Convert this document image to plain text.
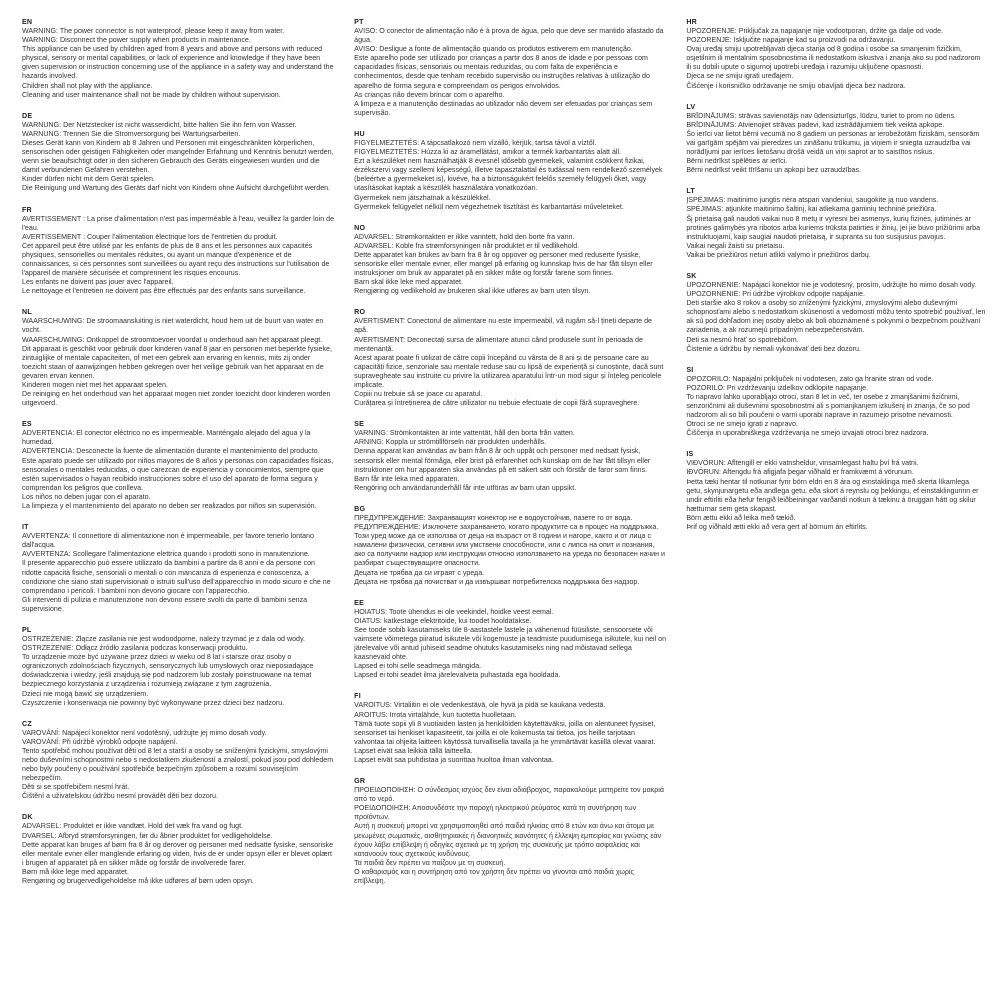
EN
WARNING: The power connector is not waterproof, please keep it away from water.
WARNING: Disconnect the power supply when products in maintenance.
This appliance can be used by children aged from 8 years and above and persons with reduced physical, sensory or mental capabilities, or lack of experience and knowledge if they have been given supervision or instruction concerning use of the appliance in a safety way and understand the hazards involved.
Children shall not play with the appliance.
Cleaning and user maintenance shall not be made by children without supervision.
DE
WARNUNG: Der Netzstecker ist nicht wasserdicht, bitte halten Sie ihn fern von Wasser.
WARNUNG: Trennen Sie die Stromversorgung bei Wartungsarbeiten.
Dieses Gerät kann von Kindern ab 8 Jahren und Personen mit eingeschränkten körperlichen, sensorischen oder geistigen Fähigkeiten oder mangelnder Erfahrung und Kenntnis benutzt werden, wenn sie beaufsichtigt oder in den sicheren Gebrauch des Geräts eingewiesen wurden und die damit verbundenen Gefahren verstehen.
Kinder dürfen nicht mit dem Gerät spielen.
Die Reinigung und Wartung des Geräts darf nicht von Kindern ohne Aufsicht durchgeführt werden.
FR
AVERTISSEMENT : La prise d'alimentation n'est pas imperméable à l'eau, veuillez la garder loin de l'eau.
AVERTISSEMENT : Couper l'alimentation électrique lors de l'entretien du produit.
Cet appareil peut être utilisé par les enfants de plus de 8 ans et les personnes aux capacités physiques, sensorielles ou mentales réduites, ou ayant un manque d'expérience et de connaissances, si ces personnes sont surveillées ou ayant reçu des instructions sur l'utilisation de l'appareil de manière sécurisée et comprennent les risques encourus.
Les enfants ne doivent pas jouer avec l'appareil.
Le nettoyage et l'entretien ne doivent pas être effectués par des enfants sans surveillance.
NL
WAARSCHUWING: De stroomaansluiting is niet waterdicht, houd hem uit de buurt van water en vocht.
WAARSCHUWING: Ontkoppel de stroomtoevoer voordat u onderhoud aan het apparaat pleegt.
Dit apparaat is geschikt voor gebruik door kinderen vanaf 8 jaar en personen met beperkte fysieke, zintuiglijke of mentale capaciteiten, of met een gebrek aan ervaring en kennis, mits zij onder toezicht staan of aanwijzingen hebben gekregen over het veilige gebruik van het apparaat en de gevaren ervan kennen.
Kinderen mogen niet met het apparaat spelen.
De reiniging en het onderhoud van het apparaat mogen niet zonder toezicht door kinderen worden uitgevoerd.
ES
ADVERTENCIA: El conector eléctrico no es impermeable. Manténgalo alejado del agua y la humedad.
ADVERTENCIA: Desconecte la fuente de alimentación durante el mantenimiento del producto.
Este aparato puede ser utilizado por niños mayores de 8 años y personas con capacidades físicas, sensoriales o mentales reducidas, o que carezcan de experiencia y conocimientos, siempre que estén supervisados o hayan recibido instrucciones sobre el uso del aparato de forma segura y comprendan los peligros que conlleva.
Los niños no deben jugar con el aparato.
La limpieza y el mantenimiento del aparato no deben ser realizados por niños sin supervisión.
IT
AVVERTENZA: Il connettore di alimentazione non è impermeabile, per favore tenerlo lontano dall'acqua.
AVVERTENZA: Scollegare l'alimentazione elettrica quando i prodotti sono in manutenzione.
Il presente apparecchio può essere utilizzato da bambini a partire da 8 anni e da persone con ridotte capacità fisiche, sensoriali o mentali o con mancanza di esperienza e conoscenza, a condizione che siano stati supervisionati o istruiti sull'uso dell'apparecchio in modo sicuro e che ne comprendano i pericoli. I bambini non devono giocare con l'apparecchio.
Gli interventi di pulizia e manutenzione non devono essere svolti da parte di bambini senza supervisione.
PL
OSTRZEŻENIE: Złącze zasilania nie jest wodoodporne, należy trzymać je z dala od wody.
OSTRZEŻENIE: Odłącz źródło zasilania podczas konserwacji produktu.
To urządzenie może być używane przez dzieci w wieku od 8 lat i starsze oraz osoby o ograniczonych zdolnościach fizycznych, sensorycznych lub umysłowych oraz nieposiadające doświadczenia i wiedzy, jeśli znajdują się pod nadzorem lub zostały poinstruowane na temat bezpiecznego korzystania z urządzenia i rozumieją związane z tym zagrożenia.
Dzieci nie mogą bawić się urządzeniem.
Czyszczenie i konserwacja nie powinny być wykonywane przez dzieci bez nadzoru.
CZ
VAROVÁNÍ: Napájecí konektor není vodotěsný, udržujte jej mimo dosah vody.
VAROVÁNÍ: Při údržbě výrobků odpojte napájení.
Tento spotřebič mohou používat děti od 8 let a starší a osoby se sníženými fyzickými, smyslovými nebo duševními schopnostmi nebo s nedostatkem zkušeností a znalostí, pokud jsou pod dohledem nebo byly poučeny o používání spotřebiče bezpečným způsobem a rozumí souvisejícím nebezpečím.
Děti si se spotřebičem nesmí hrát.
Čištění a uživatelskou údržbu nesmí provádět děti bez dozoru.
DK
ADVARSEL: Produktet er ikke vandtæt. Hold det væk fra vand og fugt.
DVARSEL: Afbryd strømforsyningen, før du åbner produktet for vedligeholdelse.
Dette apparat kan bruges af børn fra 8 år og derover og personer med nedsatte fysiske, sensoriske eller mentale evner eller manglende erfaring og viden, hvis de er under opsyn eller er blevet oplært i brugen af apparatet på en sikker måde og forstår de involverede farer.
Børn må ikke lege med apparatet.
Rengøring og brugervedligeholdelse må ikke udføres af børn uden opsyn.
PT
AVISO: O conector de alimentação não é à prova de água, pelo que deve ser mantido afastado da água.
AVISO: Desligue a fonte de alimentação quando os produtos estiverem em manutenção.
Este aparelho pode ser utilizado por crianças a partir dos 8 anos de idade e por pessoas com capacidades físicas, sensoriais ou mentais reduzidas, ou com falta de experiência e conhecimentos, desde que tenham recebido supervisão ou instruções relativas à utilização do aparelho de forma segura e compreendam os perigos envolvidos.
As crianças não devem brincar com o aparelho.
A limpeza e a manutenção destinadas ao utilizador não devem ser efetuadas por crianças sem supervisão.
HU
FIGYELMEZTETÉS: A tápcsatlakozó nem vízálló, kérjük, tartsa távol a víztől.
FIGYELMEZTETÉS: Húzza ki az áramellátást, amikor a termék karbantartás alatt áll.
Ezt a készüléket nem használhatják 8 évesnél idősebb gyermekek, valamint csökkent fizikai, érzékszervi vagy szellemi képességű, illetve tapasztalattal és tudással nem rendelkező személyek (beleértve a gyermekeket is), kivéve, ha a biztonságukért felelős személy felügyeli őket, vagy utasításokat kaptak a készülék használatára vonatkozóan.
Gyermekek nem játszhatnak a készülékkel.
Gyermekek felügyelet nélkül nem végezhetnek tisztítást és karbantartási műveleteket.
NO
ADVARSEL: Strømkontakten er ikke vanntett, hold den borte fra vann.
ADVARSEL: Koble fra strømforsyningen når produktet er til vedlikehold.
Dette apparatet kan brukes av barn fra 8 år og oppover og personer med reduserte fysiske, sensoriske eller mentale evner, eller mangel på erfaring og kunnskap hvis de har fått tilsyn eller instruksjoner om bruk av apparatet på en sikker måte og forstår farene som finnes.
Barn skal ikke leke med apparatet.
Rengjøring og vedlikehold av brukeren skal ikke utføres av barn uten tilsyn.
RO
AVERTISMENT: Conectorul de alimentare nu este impermeabil, vă rugăm să-l țineți departe de apă.
AVERTISMENT: Deconectați sursa de alimentare atunci când produsele sunt în perioada de mentenanță.
Acest aparat poate fi utilizat de către copii începând cu vârsta de 8 ani și de persoane care au capacități fizice, senzoriale sau mentale reduse sau cu lipsă de experiență și cunoștințe, dacă sunt supravegheate sau instruite cu privire la utilizarea aparatului într-un mod sigur și înțeleg pericolele implicate.
Copiii nu trebuie să se joace cu aparatul.
Curățarea și întreținerea de către utilizator nu trebuie efectuate de copii fără supraveghere.
SE
VARNING: Strömkontakten är inte vattentät, håll den borta från vatten.
ARNING: Koppla ur strömtillförseln när produkten underhålls.
Denna apparat kan användas av barn från 8 år och uppåt och personer med nedsatt fysisk, sensorisk eller mental förmåga, eller brist på erfarenhet och kunskap om de har fått tillsyn eller instruktioner om hur apparaten ska användas på ett säkert sätt och förstår de faror som finns.
Barn får inte leka med apparaten.
Rengöring och användarunderhåll får inte utföras av barn utan uppsikt.
BG
ПРЕДУПРЕЖДЕНИЕ: Захранващият конектор не е водоустойчив, пазете го от вода.
РЕДУПРЕЖДЕНИЕ: Изключете захранването, когато продуктите са в процес на поддръжка.
Този уред може да се използва от деца на възраст от 8 години и нагоре, както и от лица с намалени физически, сетивни или умствени способности, или с липса на опит и познания, ако са получили надзор или инструкции относно използването на уреда по безопасен начин и разбират съществуващите опасности.
Децата не трябва да си играят с уреда.
Децата не трябва да почистват и да извършват потребителска поддръжка без надзор.
EE
HOIATUS: Toote ühendus ei ole veekindel, hoidke veest eemal.
OIATUS: katkestage elektritoide, kui toodet hooldatakse.
See toode sobib kasutamiseks üle 8-aastastele lastele ja vähenenud füüsiliste, sensoorsete või vaimsete võimetega piiratud isikutele või kogemuste ja teadmiste puudumisega isikutele, kui neil on järelevalve või antud juhiseid seadme ohutuks kasutamiseks ning nad mõistavad sellega kaasnevaid ohte.
Lapsed ei tohi selle seadmega mängida.
Lapsed ei tohi seadet ilma järelevalveta puhastada ega hooldada.
FI
VAROITUS: Virtaliitin ei ole vedenkestävä, ole hyvä ja pidä se kaukana vedestä.
AROITUS: Irrota virtalähde, kun tuotetta huolletaan.
Tämä tuote sopii yli 8 vuotiaiden lasten ja henkilöiden käytettäväksi, joilla on alentuneet fyysiset, sensoriset tai henkiset kapasiteetit, tai joilla ei ole kokemusta tai tietoa, jos heille tarjotaan valvontaa tai ohjeita laitteen käytössä turvallisella tavalla ja he ymmärtävät kasiillä olevat vaarat.
Lapset eivät saa leikkiä tällä laitteella.
Lapset eivät saa puhdistaa ja suorittaa huoltoa ilman valvontaa.
GR
ΠΡΟΕΙΔΟΠΟΙΗΣΗ: Ο σύνδεσμος ισχύος δεν είναι αδιάβροχος, παρακαλούμε ματηρείτε τον μακριά από το νερό.
ΡΟΕΙΔΟΠΟΙΗΣΗ: Αποσυνδέστε την παροχή ηλεκτρικού ρεύματος κατά τη συντήρηση των προϊόντων.
Αυτή η συσκευή μπορεί να χρησιμοποιηθεί από παιδιά ηλικίας από 8 ετών και άνω και άτομα με μειωμένες σωματικές, αισθητηριακές ή διανοητικές ικανότητες ή έλλειψη εμπειρίας και γνώσης εάν έχουν λάβει επίβλεψη ή οδηγίες σχετικά με τη χρήση της συσκευής με τρόπο ασφαλείας και κατανοούν τους σχετικούς κινδύνους.
Τα παιδιά δεν πρέπει να παίζουν με τη συσκευή.
Ο καθαρισμός και η συντήρηση από τον χρήστη δεν πρέπει να γίνονται από παιδιά χωρίς επίβλεψη.
HR
UPOZORENJE: Priključak za napajanje nije vodootporan, držite ga dalje od vode.
POZORENJE: Isključite napajanje kad su proizvodi na održavanju.
Ovaj uređaj smiju upotrebljavati djeca starija od 8 godina i osobe sa smanjenim fizičkim, osjetilnim ili mentalnim sposobnostima ili nedostatkom iskustva i znanja ako su pod nadzorom ili su dobili upute o sigurnoj upotrebi uređaja i razumiju uključene opasnosti.
Djeca se ne smiju igrati uređajem.
Čišćenje i korisničko održavanje ne smiju obavljati djeca bez nadzora.
LV
BRĪDINĀJUMS: strāvas savienotājs nav ūdensizturīgs, lūdzu, turiet to prom no ūdens.
BRĪDINĀJUMS: Atvienojiet strāvas padevi, kad izstrādājumiem tiek veikta apkope.
Šo ierīci var lietot bērni vecumā no 8 gadiem un personas ar ierobežotām fiziskām, sensorām vai garīgām spējām vai pieredzes un zināšanu trūkumu, ja viņiem ir sniegta uzraudzība vai norādījumi par ierīces lietošanu drošā veidā un viņi saprot ar to saistītos riskus.
Bērni nedrīkst spēlēties ar ierīci.
Bērni nedrīkst veikt tīrīšanu un apkopi bez uzraudzības.
LT
ĮSPĖJIMAS: maitinimo jungtis nėra atspari vandeniui, saugokite ją nuo vandens.
SPĖJIMAS: atjunkite maitinimo šaltinį, kai atliekama gaminių techninė priežiūra.
Šį prietaisą gali naudoti vaikai nuo 8 metų ir vyresni bei asmenys, kurių fizinės, jutiminės ar protinės galimybės yra ribotos arba kuriems trūksta patirties ir žinių, jei jie buvo prižiūrimi arba instruktuojami, kaip saugiai naudoti prietaisą, ir supranta su tuo susijusius pavojus.
Vaikai negali žaisti su prietaisu.
Vaikai be priežiūros neturi atlikti valymo ir priežiūros darbų.
SK
UPOZORNENIE: Napájací konektor nie je vodotesný, prosím, udržujte ho mimo dosah vody.
UPOZORNENIE: Pri údržbe výrobkov odpojte napájanie.
Deti staršie ako 8 rokov a osoby so zníženými fyzickými, zmyslovými alebo duševnými schopnosťami alebo s nedostatkom skúseností a vedomostí môžu tento spotrebič používať, len ak sú pod dohľadom inej osoby alebo ak boli oboznámené s pokynmi o bezpečnom používaní zariadenia, a ak rozumejú prípadným nebezpečenstvám.
Deti sa nesmú hrať so spotrebičom.
Čistenie a údržbu by nemali vykonávať deti bez dozoru.
SI
OPOZORILO: Napajalni priključek ni vodotesen, zato ga hranite stran od vode.
POZORILO: Pri vzdrževanju izdelkov odklopite napajanje.
To napravo lahko uporabljajo otroci, stari 8 let in več, ter osebe z zmanjšanimi fizičnimi, senzoričnimi ali duševnimi sposobnostmi ali s pomanjkanjem izkušenj in znanja, če so pod nadzorom ali so bili poučeni o varni uporabi naprave in razumejo prisotne nevarnosti.
Otroci se ne smejo igrati z napravo.
Čiščenja in uporabniškega vzdrževanja ne smejo izvajati otroci brez nadzora.
IS
VIÐVÖRUN: Afltengill er ekki vatnsheldur, vinsamlegast haltu því frá vatni.
IÐVÖRUN: Aftengdu frá afigjafa þegar viðhald er framkvæmt á vörunum.
Þetta tæki hentar til notkunar fyrir börn eldri en 8 ára og einstaklinga með skerta líkamlega getu, skynjunargetu eða andlega getu, eða skort á reynslu og þekkingu, ef einstaklingurinn er undir eftirliti eða hefur fengið leiðbeiningar varðandi notkun á tækinu á öruggan hátt og skilur hætturnar sem geta skapast.
Börn ættu ekki að leika með tækið.
Þrif og viðhald ætti ekki að vera gert af börnum án eftirlits.
